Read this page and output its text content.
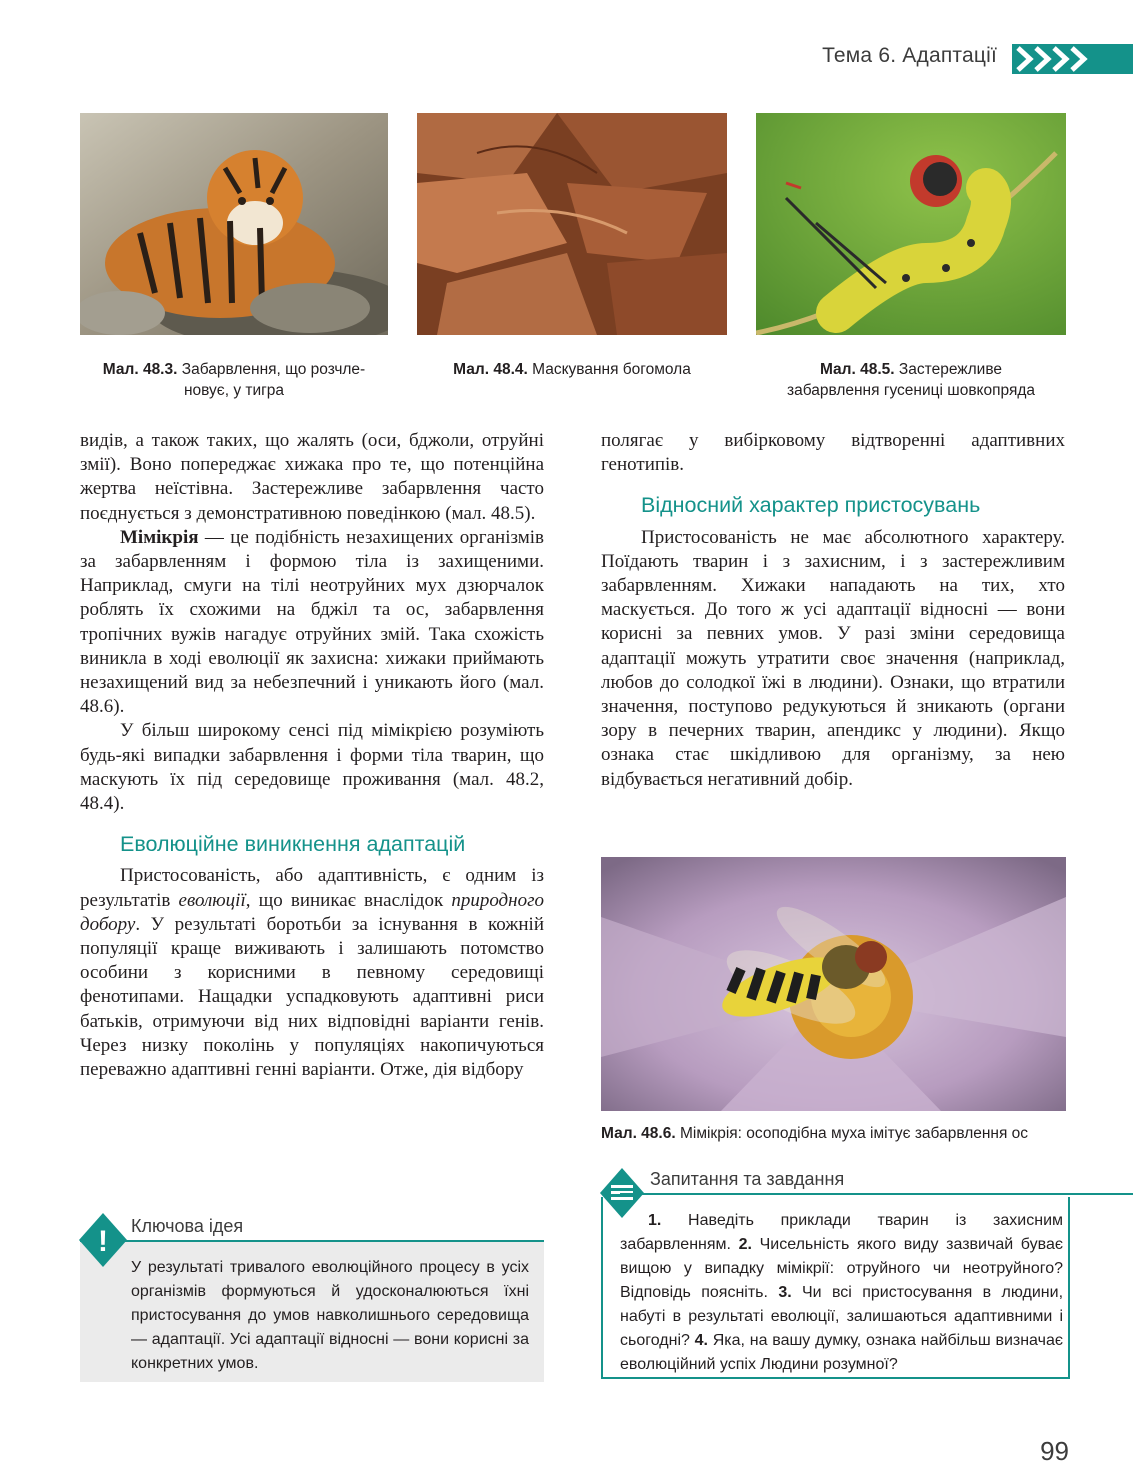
Тема 6. Адаптації
Мал. 48.3. Забарвлення, що розчле-
новує, у тигра
Мал. 48.4. Маскування богомола	Мал. 48.5. Застережливе
забарвлення гусениці шовкопряда

видів, а також таких, що жалять (оси, бджоли, отруйні змії). Воно попереджає хижака про те, що потенційна жертва неїстівна. Застережливе забарвлення часто поєднується з демонстративною поведінкою (мал. 48.5).

Мімікрія — це подібність незахищених організмів за забарвленням і формою тіла із захищеними. Наприклад, смуги на тілі неотруйних мух дзюрчалок роблять їх схожими на бджіл та ос, забарвлення тропічних вужів нагадує отруйних змій. Така схожість виникла в ході еволюції як захисна: хижаки приймають незахищений вид за небезпечний і уникають його (мал. 48.6).

У більш широкому сенсі під мімікрією розуміють будь-які випадки забарвлення і форми тіла тварин, що маскують їх під середовище проживання (мал. 48.2, 48.4).

Еволюційне виникнення адаптацій

Пристосованість, або адаптивність, є одним із результатів еволюції, що виникає внаслідок природного добору. У результаті боротьби за існування в кожній популяції краще виживають і залишають потомство особини з корисними в певному середовищі фенотипами. Нащадки успадковують адаптивні риси батьків, отримуючи від них відповідні варіанти генів. Через низку поколінь у популяціях накопичуються переважно адаптивні генні варіанти. Отже, дія відбору

полягає у вибірковому відтворенні адаптивних генотипів.

Відносний характер пристосувань

Пристосованість не має абсолютного характеру. Поїдають тварин і з захисним, і з застережливим забарвленням. Хижаки нападають на тих, хто маскується. До того ж усі адаптації відносні — вони корисні за певних умов. У разі зміни середовища адаптації можуть утратити своє значення (наприклад, любов до солодкої їжі в людини). Ознаки, що втратили значення, поступово редукуються й зникають (органи зору в печерних тварин, апендикс у людини). Якщо ознака стає шкідливою для організму, за нею відбувається негативний добір.

Мал. 48.6. Мімікрія: осоподібна муха імітує забарвлення ос
! Ключова ідея

У результаті тривалого еволюційного процесу в усіх організмів формуються й удосконалюються їхні пристосування до умов навколишнього середовища — адаптації. Усі адаптації відносні — вони корисні за конкретних умов.

Запитання та завдання

1. Наведіть приклади тварин із захисним забарвленням. 2. Чисельність якого виду зазвичай буває вищою у випадку мімікрії: отруйного чи неотруйного? Відповідь поясніть. 3. Чи всі пристосування в людини, набуті в результаті еволюції, залишаються адаптивними і сьогодні? 4. Яка, на вашу думку, ознака найбільш визначає еволюційний успіх Людини розумної?

99
